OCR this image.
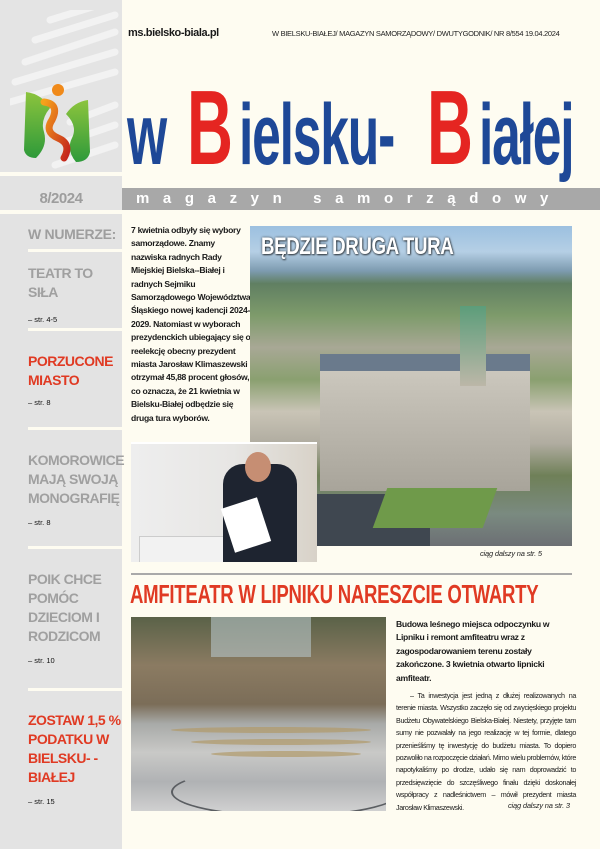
8/2024	magazyn samorządowy
ms.bielsko-biala.pl	W BIELSKU-BIAŁEJ/ MAGAZYN SAMORZĄDOWY/ DWUTYGODNIK/ NR 8/554 19.04.2024
wBielsku- Białej
W NUMERZE:
TEATR TO SIŁA
– str. 4-5
PORZUCONE MIASTO
– str. 8
KOMOROWICE MAJĄ SWOJĄ MONOGRAFIĘ
– str. 8
POIK CHCE POMÓC DZIECIOM I RODZICOM
– str. 10
ZOSTAW 1,5 % PODATKU W BIELSKU- -BIAŁEJ
– str. 15
7 kwietnia odbyły się wybory samorządowe. Znamy nazwiska radnych Rady Miejskiej Bielska--Białej i radnych Sejmiku Samorządowego Województwa Śląskiego nowej kadencji 2024-2029. Natomiast w wyborach prezydenckich ubiegający się o reelekcję obecny prezydent miasta Jarosław Klimaszewski otrzymał 45,88 procent głosów, co oznacza, że 21 kwietnia w Bielsku-Białej odbędzie się druga tura wyborów.
BĘDZIE DRUGA TURA
ciąg dalszy na str. 5
AMFITEATR W LIPNIKU NARESZCIE OTWARTY
Budowa leśnego miejsca odpoczynku w Lipniku i remont amfiteatru wraz z zagospodarowaniem terenu zostały zakończone. 3 kwietnia otwarto lipnicki amfiteatr.
– Ta inwestycja jest jedną z dłużej realizowanych na terenie miasta. Wszystko zaczęło się od zwycięskiego projektu Budżetu Obywatelskiego Bielska-Białej. Niestety, przyjęte tam sumy nie pozwalały na jego realizację w tej formie, dlatego przenieśliśmy tę inwestycję do budżetu miasta. To dopiero pozwoliło na rozpoczęcie działań. Mimo wielu problemów, które napotykaliśmy po drodze, udało się nam doprowadzić to przedsięwzięcie do szczęśliwego finału dzięki doskonałej współpracy z nadleśnictwem – mówił prezydent miasta Jarosław Klimaszewski.	ciąg dalszy na str. 3
